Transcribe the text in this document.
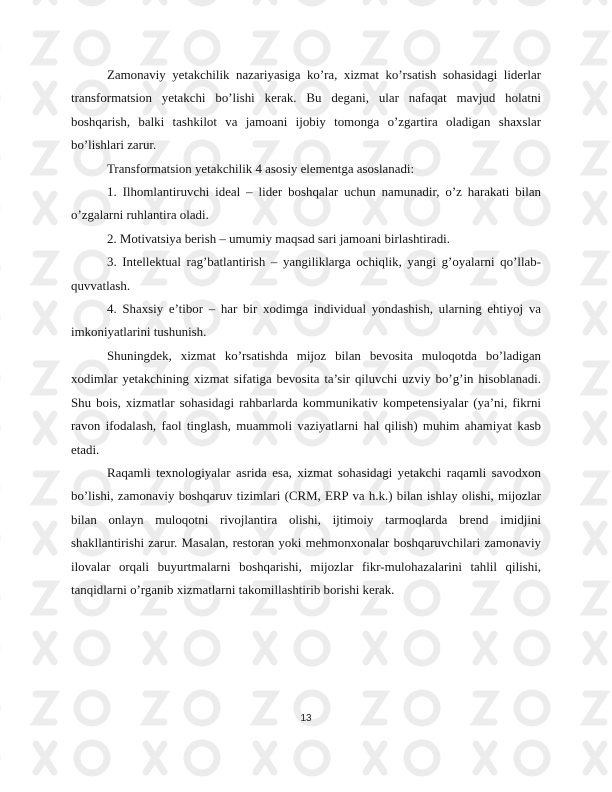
Zamonaviy yetakchilik nazariyasiga ko’ra, xizmat ko’rsatish sohasidagi liderlar transformatsion yetakchi bo’lishi kerak. Bu degani, ular nafaqat mavjud holatni boshqarish, balki tashkilot va jamoani ijobiy tomonga o’zgartira oladigan shaxslar bo’lishlari zarur.

Transformatsion yetakchilik 4 asosiy elementga asoslanadi:

1. Ilhomlantiruvchi ideal – lider boshqalar uchun namunadir, o’z harakati bilan o’zgalarni ruhlantira oladi.

2. Motivatsiya berish – umumiy maqsad sari jamoani birlashtiradi.

3. Intellektual rag’batlantirish – yangiliklarga ochiqlik, yangi g’oyalarni qo’llab-quvvatlash.

4. Shaxsiy e’tibor – har bir xodimga individual yondashish, ularning ehtiyoj va imkoniyatlarini tushunish.

Shuningdek, xizmat ko’rsatishda mijoz bilan bevosita muloqotda bo’ladigan xodimlar yetakchining xizmat sifatiga bevosita ta’sir qiluvchi uzviy bo’g’in hisoblanadi. Shu bois, xizmatlar sohasidagi rahbarlarda kommunikativ kompetensiyalar (ya’ni, fikrni ravon ifodalash, faol tinglash, muammoli vaziyatlarni hal qilish) muhim ahamiyat kasb etadi.

Raqamli texnologiyalar asrida esa, xizmat sohasidagi yetakchi raqamli savodxon bo’lishi, zamonaviy boshqaruv tizimlari (CRM, ERP va h.k.) bilan ishlay olishi, mijozlar bilan onlayn muloqotni rivojlantira olishi, ijtimoiy tarmoqlarda brend imidjini shakllantirishi zarur. Masalan, restoran yoki mehmonxonalar boshqaruvchilari zamonaviy ilovalar orqali buyurtmalarni boshqarishi, mijozlar fikr-mulohazalarini tahlil qilishi, tanqidlarni o’rganib xizmatlarni takomillashtirib borishi kerak.

13
